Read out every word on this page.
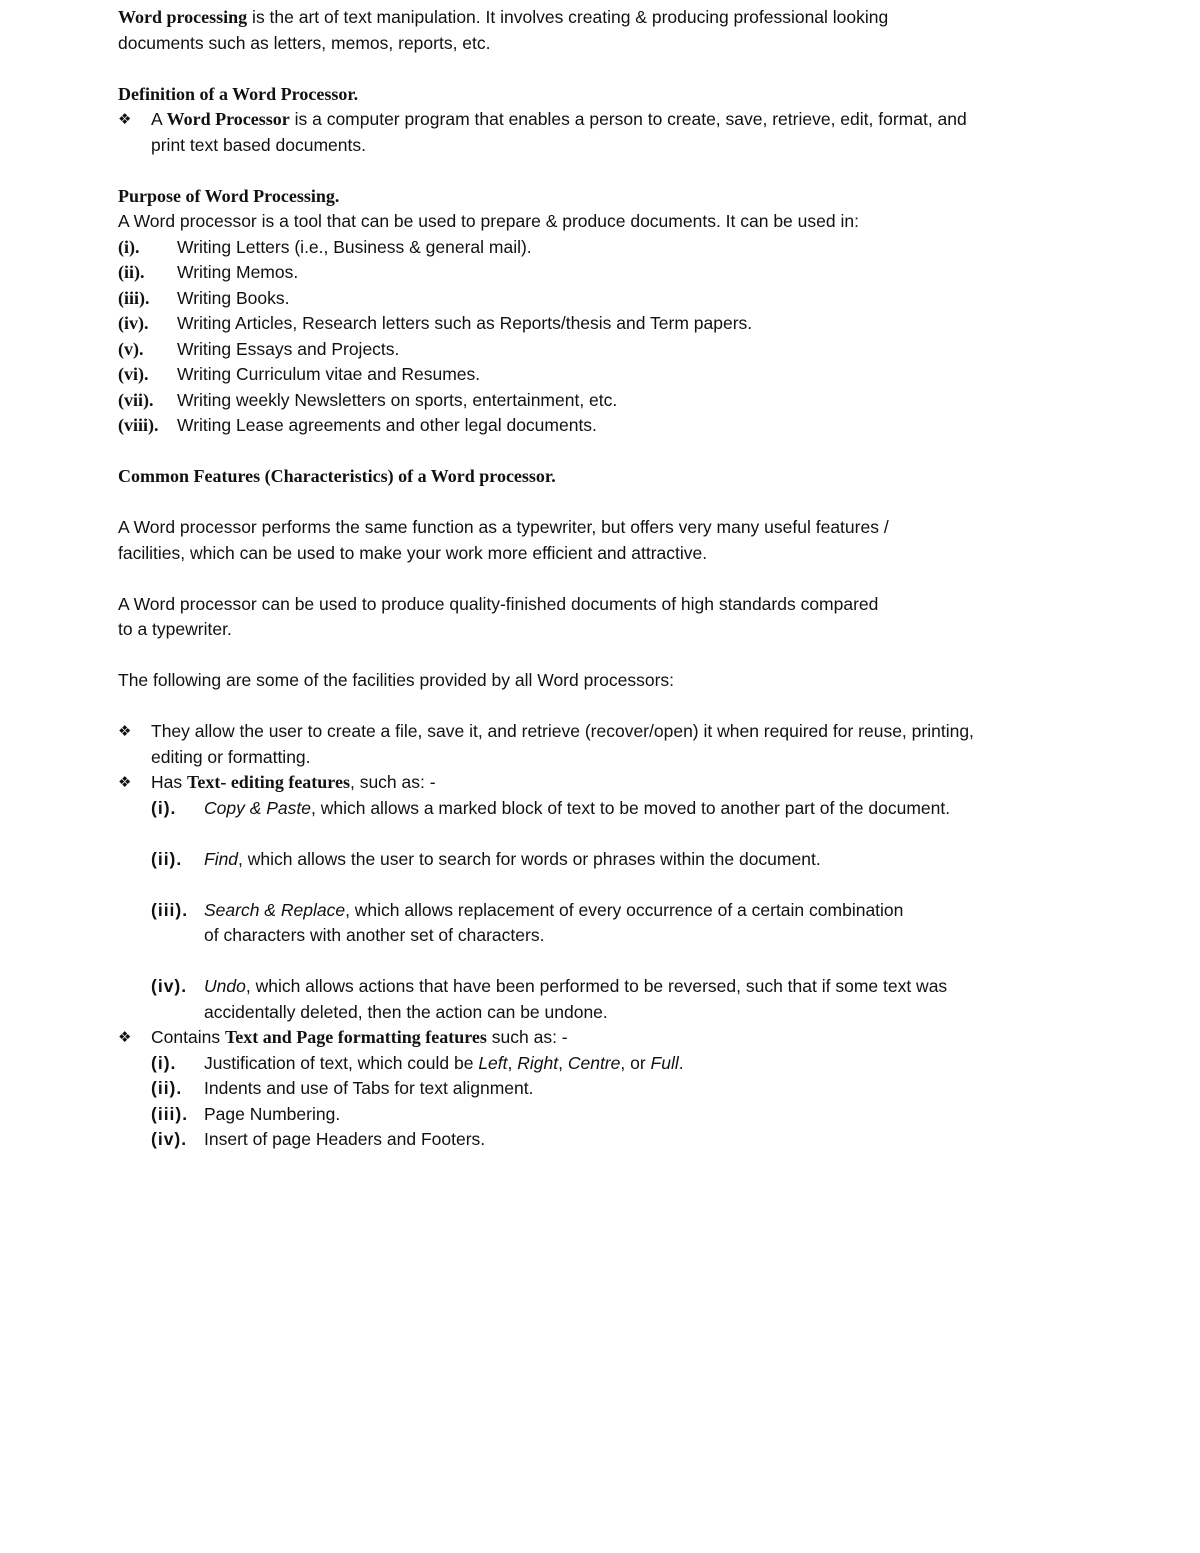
Word processing is the art of text manipulation. It involves creating & producing professional looking documents such as letters, memos, reports, etc.

Definition of a Word Processor.

❖	A Word Processor is a computer program that enables a person to create, save, retrieve, edit, format, and print text based documents.

Purpose of Word Processing.

A Word processor is a tool that can be used to prepare & produce documents. It can be used in:

(i). Writing Letters (i.e., Business & general mail).
(ii). Writing Memos.
(iii). Writing Books.
(iv). Writing Articles, Research letters such as Reports/thesis and Term papers.
(v). Writing Essays and Projects.
(vi). Writing Curriculum vitae and Resumes.
(vii). Writing weekly Newsletters on sports, entertainment, etc.
(viii). Writing Lease agreements and other legal documents.

Common Features (Characteristics) of a Word processor.

A Word processor performs the same function as a typewriter, but offers very many useful features / facilities, which can be used to make your work more efficient and attractive.

A Word processor can be used to produce quality-finished documents of high standards compared to a typewriter.

The following are some of the facilities provided by all Word processors:

❖	They allow the user to create a file, save it, and retrieve (recover/open) it when required for reuse, printing, editing or formatting.
❖	Has Text- editing features, such as: -
(i). Copy & Paste, which allows a marked block of text to be moved to another part of the document.
(ii). Find, which allows the user to search for words or phrases within the document.
(iii). Search & Replace, which allows replacement of every occurrence of a certain combination of characters with another set of characters.
(iv). Undo, which allows actions that have been performed to be reversed, such that if some text was accidentally deleted, then the action can be undone.
❖	Contains Text and Page formatting features such as: -
(i). Justification of text, which could be Left, Right, Centre, or Full.
(ii). Indents and use of Tabs for text alignment.
(iii). Page Numbering.
(iv). Insert of page Headers and Footers.
